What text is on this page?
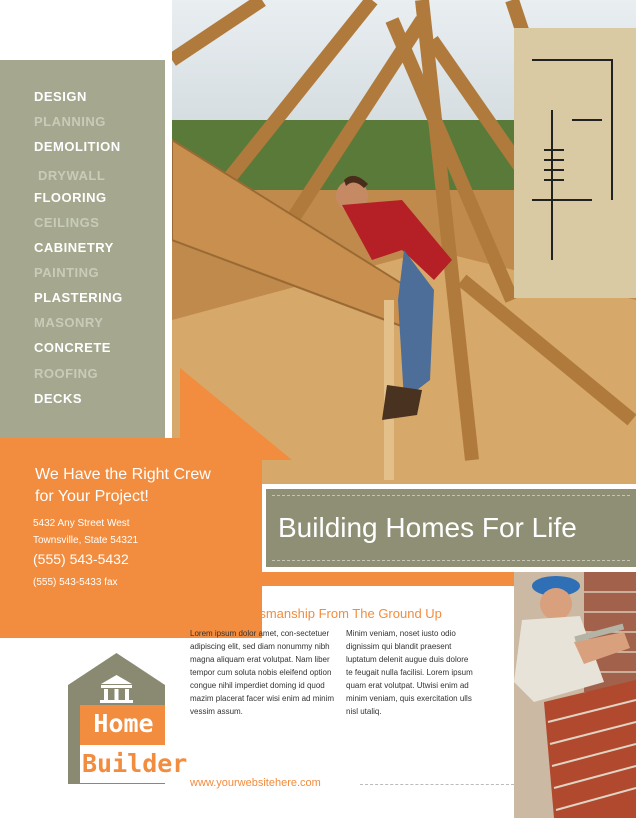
DESIGN
PLANNING
DEMOLITION
DRYWALL
FLOORING
CEILINGS
CABINETRY
PAINTING
PLASTERING
MASONRY
CONCRETE
ROOFING
DECKS
We Have the Right Crew
for Your Project!
5432 Any Street West
Townsville, State 54321
(555) 543-5432
(555) 543-5433 fax
Building Homes For Life
Expert Craftsmanship From The Ground Up
Lorem ipsum dolor amet, con-sectetuer adipiscing elit, sed diam nonummy nibh magna aliquam erat volutpat. Nam liber tempor cum soluta nobis eleifend option congue nihil imperdiet doming id quod mazim placerat facer wisi enim ad minim vessim assum.
Minim veniam, noset iusto odio dignissim qui blandit praesent luptatum delenit augue duis dolore te feugait nulla facilisi. Lorem ipsum quam erat volutpat. Utwisi enim ad minim veniam, quis exercitation ulls nisl utaliq.
www.yourwebsitehere.com
Home
Builder
